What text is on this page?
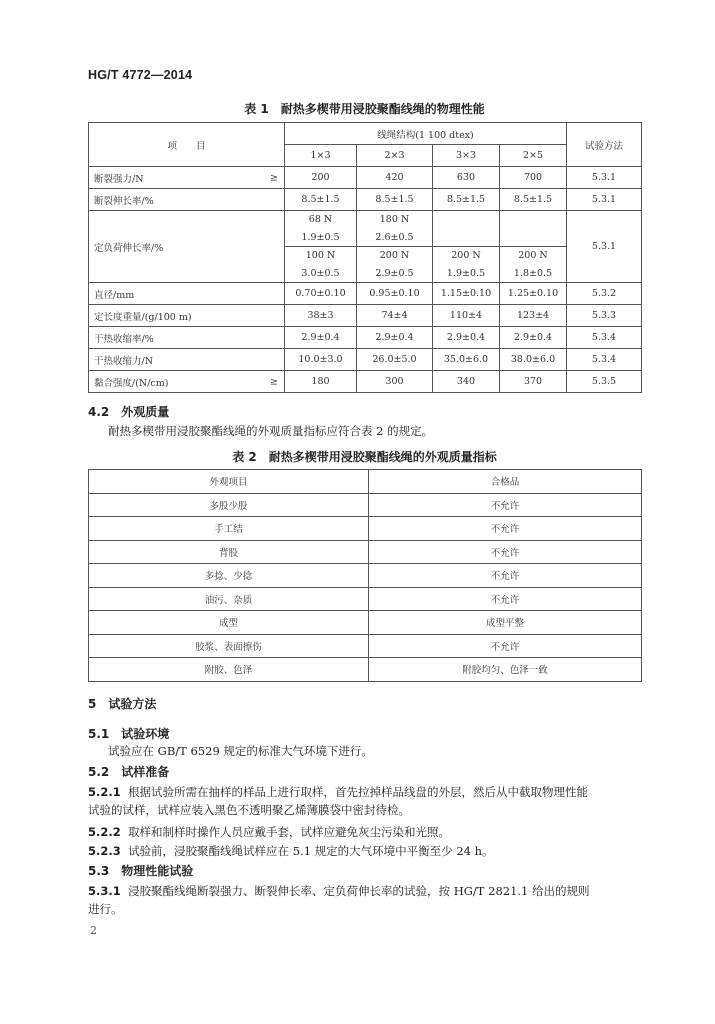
HG/T 4772—2014
表 1　耐热多楔带用浸胶聚酯线绳的物理性能
项　　目	线绳结构(1 100 dtex)				试验方法
	1×3	2×3	3×3	2×5	
断裂强力/N ≥	200	420	630	700	5.3.1
断裂伸长率/%	8.5±1.5	8.5±1.5	8.5±1.5	8.5±1.5	5.3.1
定负荷伸长率/%	68 N	180 N			5.3.1
	1.9±0.5	2.6±0.5			
	100 N	200 N	200 N	200 N	
	3.0±0.5	2.9±0.5	1.9±0.5	1.8±0.5	
直径/mm	0.70±0.10	0.95±0.10	1.15±0.10	1.25±0.10	5.3.2
定长度重量/(g/100 m)	38±3	74±4	110±4	123±4	5.3.3
干热收缩率/%	2.9±0.4	2.9±0.4	2.9±0.4	2.9±0.4	5.3.4
干热收缩力/N	10.0±3.0	26.0±5.0	35.0±6.0	38.0±6.0	5.3.4
黏合强度/(N/cm) ≥	180	300	340	370	5.3.5
4.2　外观质量
耐热多楔带用浸胶聚酯线绳的外观质量指标应符合表 2 的规定。
表 2　耐热多楔带用浸胶聚酯线绳的外观质量指标
外观项目	合格品
多股少股	不允许
手工结	不允许
背股	不允许
多捻、少捻	不允许
油污、杂质	不允许
成型	成型平整
胶浆、表面擦伤	不允许
附胶、色泽	附胶均匀、色泽一致
5　试验方法
5.1　试验环境
试验应在 GB/T 6529 规定的标准大气环境下进行。
5.2　试样准备
5.2.1 根据试验所需在抽样的样品上进行取样，首先拉掉样品线盘的外层，然后从中截取物理性能
试验的试样，试样应装入黑色不透明聚乙烯薄膜袋中密封待检。
5.2.2 取样和制样时操作人员应戴手套，试样应避免灰尘污染和光照。
5.2.3 试验前，浸胶聚酯线绳试样应在 5.1 规定的大气环境中平衡至少 24 h。
5.3　物理性能试验
5.3.1 浸胶聚酯线绳断裂强力、断裂伸长率、定负荷伸长率的试验，按 HG/T 2821.1 给出的规则
进行。
2
